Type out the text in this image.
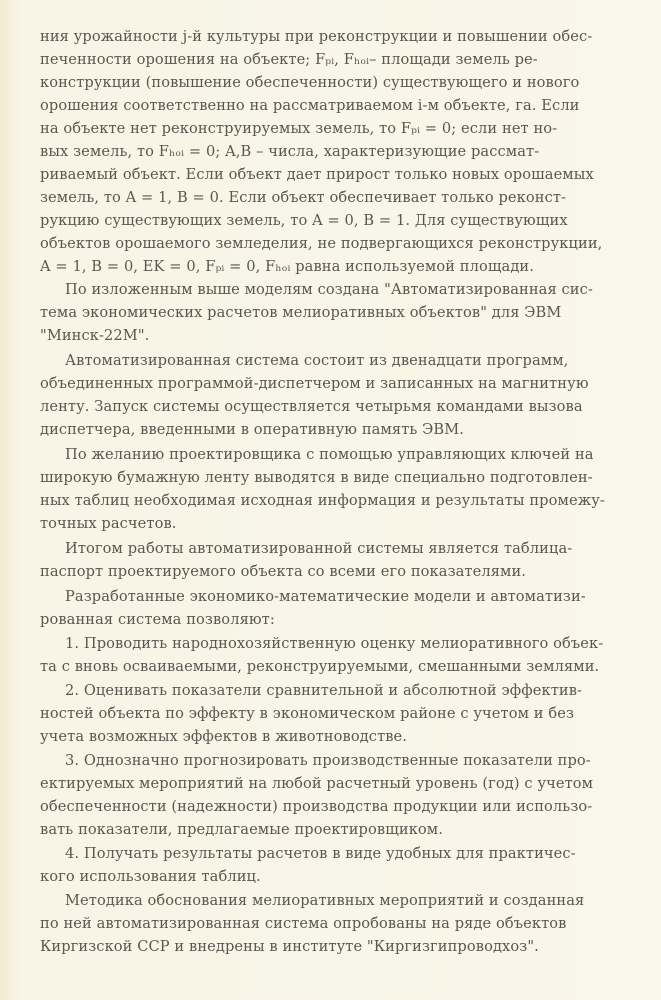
ния урожайности j-й культуры при реконструкции и повышении обес-
печенности орошения на объекте; Fₚᵢ, Fₕₒᵢ– площади земель ре-
конструкции (повышение обеспеченности) существующего и нового
орошения соответственно на рассматриваемом i-м объекте, га. Если
на объекте нет реконструируемых земель, то Fₚᵢ = 0; если нет но-
вых земель, то Fₕₒᵢ = 0; A,B – числа, характеризующие рассмат-
риваемый объект. Если объект дает прирост только новых орошаемых
земель, то A = 1, B = 0. Если объект обеспечивает только реконст-
рукцию существующих земель, то A = 0, B = 1. Для существующих
объектов орошаемого земледелия, не подвергающихся реконструкции,
A = 1, B = 0, EK = 0, Fₚᵢ = 0, Fₕₒᵢ равна используемой площади.
По изложенным выше моделям создана "Автоматизированная сис-
тема экономических расчетов мелиоративных объектов" для ЭВМ
"Минск-22М".
Автоматизированная система состоит из двенадцати программ,
объединенных программой-диспетчером и записанных на магнитную
ленту. Запуск системы осуществляется четырьмя командами вызова
диспетчера, введенными в оперативную память ЭВМ.
По желанию проектировщика с помощью управляющих ключей на
широкую бумажную ленту выводятся в виде специально подготовлен-
ных таблиц необходимая исходная информация и результаты промежу-
точных расчетов.
Итогом работы автоматизированной системы является таблица-
паспорт проектируемого объекта со всеми его показателями.
Разработанные экономико-математические модели и автоматизи-
рованная система позволяют:
1. Проводить народнохозяйственную оценку мелиоративного объек-
та с вновь осваиваемыми, реконструируемыми, смешанными землями.
2. Оценивать показатели сравнительной и абсолютной эффектив-
ностей объекта по эффекту в экономическом районе с учетом и без
учета возможных эффектов в животноводстве.
3. Однозначно прогнозировать производственные показатели про-
ектируемых мероприятий на любой расчетный уровень (год) с учетом
обеспеченности (надежности) производства продукции или использо-
вать показатели, предлагаемые проектировщиком.
4. Получать результаты расчетов в виде удобных для практичес-
кого использования таблиц.
Методика обоснования мелиоративных мероприятий и созданная
по ней автоматизированная система опробованы на ряде объектов
Киргизской ССР и внедрены в институте "Киргизгипроводхоз".
